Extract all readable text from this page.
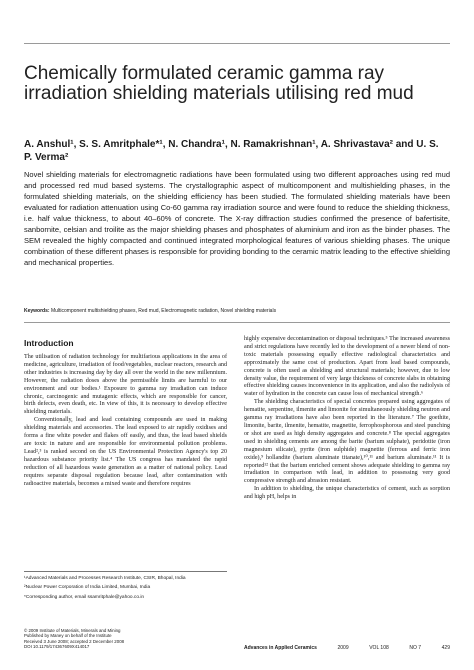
Chemically formulated ceramic gamma ray irradiation shielding materials utilising red mud

A. Anshul¹, S. S. Amritphale*¹, N. Chandra¹, N. Ramakrishnan¹, A. Shrivastava² and U. S. P. Verma²

Novel shielding materials for electromagnetic radiations have been formulated using two different approaches using red mud and processed red mud based systems. The crystallographic aspect of multicomponent and multishielding phases, in the formulated shielding materials, on the shielding efficiency has been studied. The formulated shielding materials have been evaluated for radiation attenuation using Co-60 gamma ray irradiation source and were found to reduce the shielding thickness, i.e. half value thickness, to about 40–60% of concrete. The X-ray diffraction studies confirmed the presence of bafertisite, sanbornite, celsian and troilite as the major shielding phases and phosphates of aluminium and iron as the binder phases. The SEM revealed the highly compacted and continued integrated morphological features of various shielding phases. The unique combination of these different phases is responsible for providing bonding to the ceramic matrix leading to the effective shielding and mechanical properties.

Keywords: Multicomponent multishielding phases, Red mud, Electromagnetic radiation, Novel shielding materials

Introduction

The utilisation of radiation technology for multifarious applications in the area of medicine, agriculture, irradiation of food/vegetables, nuclear reactors, research and other industries is increasing day by day all over the world in the new millennium. However, the radiation doses above the permissible limits are harmful to our environment and our bodies.¹ Exposure to gamma ray irradiation can induce chronic, carcinogenic and mutagenic effects, which are responsible for cancer, birth defects, even death, etc. In view of this, it is necessary to develop effective shielding materials.

Conventionally, lead and lead containing compounds are used in making shielding materials and accessories. The lead exposed to air rapidly oxidises and forms a fine white powder and flakes off easily, and thus, the lead based shields are toxic in nature and are responsible for environmental pollution problems. Lead²,³ is ranked second on the US Environmental Protection Agency's top 20 hazardous substance priority list.⁴ The US congress has mandated the rapid reduction of all hazardous waste generation as a matter of national policy. Lead requires separate disposal regulation because lead, after contamination with radioactive materials, becomes a mixed waste and therefore requires

highly expensive decontamination or disposal techniques.⁵ The increased awareness and strict regulations have recently led to the development of a newer blend of non-toxic materials possessing equally effective radiological characteristics and approximately the same cost of production. Apart from lead based compounds, concrete is often used as shielding and structural materials; however, due to low density value, the requirement of very large thickness of concrete slabs in obtaining effective shielding causes inconvenience in its application, and also the radiolysis of water of hydration in the concrete can cause loss of mechanical strength.⁶

The shielding characteristics of special concretes prepared using aggregates of hematite, serpentine, ilmenite and limonite for simultaneously shielding neutron and gamma ray irradiations have also been reported in the literature.⁷ The goethite, limonite, barite, ilmenite, hematite, magnetite, ferrophosphorous and steel punching or shot are used as high density aggregates and concrete.⁸ The special aggregates used in shielding cements are among the barite (barium sulphate), peridotite (iron magnesium silicate), pyrite (iron sulphide) magnetite (ferrous and ferric iron oxide),⁹ hollandite (barium aluminate titanate),¹⁰,¹¹ and barium aluminate.¹¹ It is reported¹² that the barium enriched cement shows adequate shielding to gamma ray irradiation in comparison with lead, in addition to possessing very good compressive strength and abrasion resistant.

In addition to shielding, the unique characteristics of cement, such as sorption and high pH, helps in

¹Advanced Materials and Processes Research Institute, CSIR, Bhopal, India

²Nuclear Power Corporation of India Limited, Mumbai, India

*Corresponding author, email ssamritphale@yahoo.co.in

© 2009 Institute of Materials, Minerals and Mining
Published by Maney on behalf of the Institute
Received 3 June 2008; accepted 2 December 2008
DOI 10.1179/174367609X414017	Advances in Applied Ceramics	2009	VOL 108	NO 7	429
